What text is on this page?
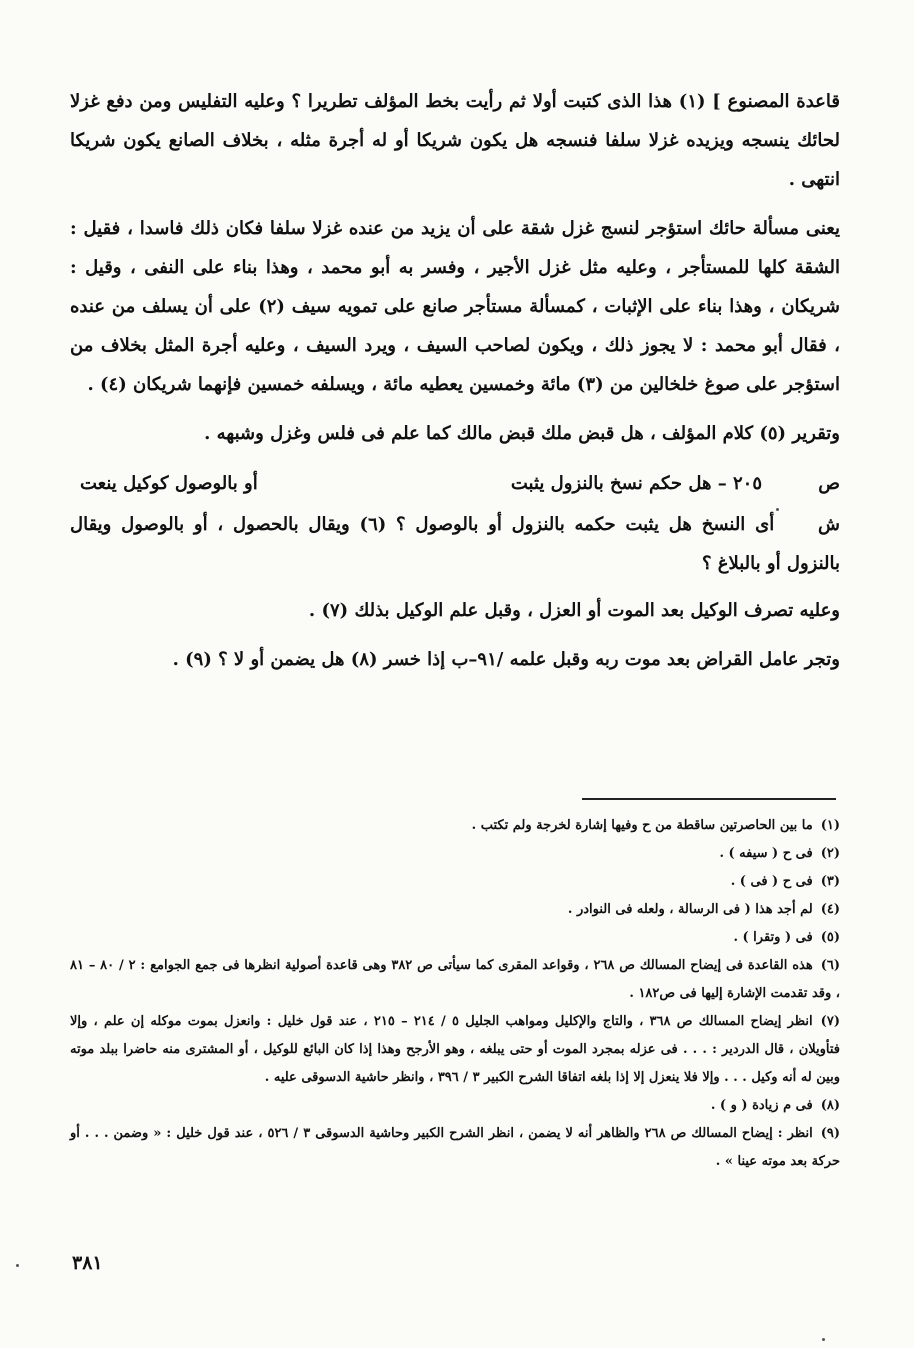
قاعدة المصنوع ] (١) هذا الذى كتبت أولا ثم رأيت بخط المؤلف تطريرا ؟ وعليه التفليس ومن دفع غزلا لحائك ينسجه ويزيده غزلا سلفا فنسجه هل يكون شريكا أو له أجرة مثله ، بخلاف الصانع يكون شريكا انتهى .

يعنى مسألة حائك استؤجر لنسج غزل شقة على أن يزيد من عنده غزلا سلفا فكان ذلك فاسدا ، فقيل : الشقة كلها للمستأجر ، وعليه مثل غزل الأجير ، وفسر به أبو محمد ، وهذا بناء على النفى ، وقيل : شريكان ، وهذا بناء على الإثبات ، كمسألة مستأجر صانع على تمويه سيف (٢) على أن يسلف من عنده ، فقال أبو محمد : لا يجوز ذلك ، ويكون لصاحب السيف ، ويرد السيف ، وعليه أجرة المثل بخلاف من استؤجر على صوغ خلخالين من (٣) مائة وخمسين يعطيه مائة ، ويسلفه خمسين فإنهما شريكان (٤) .

وتقرير (٥) كلام المؤلف ، هل قبض ملك قبض مالك كما علم فى فلس وغزل وشبهه .

ص
٢٠٥ – هل حكم نسخ بالنزول يثبت
أو بالوصول كوكيل ينعت

ش أى النسخ هل يثبت حكمه بالنزول أو بالوصول ؟ (٦) ويقال بالحصول ، أو بالوصول ويقال بالنزول أو بالبلاغ ؟

وعليه تصرف الوكيل بعد الموت أو العزل ، وقبل علم الوكيل بذلك (٧) .

وتجر عامل القراض بعد موت ربه وقبل علمه /٩١–ب إذا خسر (٨) هل يضمن أو لا ؟ (٩) .

(١)ما بين الحاصرتين ساقطة من ح وفيها إشارة لخرجة ولم تكتب .

(٢)فى ح ( سيفه ) .

(٣)فى ح ( فى ) .

(٤)لم أجد هذا ( فى الرسالة ، ولعله فى النوادر .

(٥)فى ( وتقرا ) .

(٦)هذه القاعدة فى إيضاح المسالك ص ٢٦٨ ، وقواعد المقرى كما سيأتى ص ٣٨٢ وهى قاعدة أصولية انظرها فى جمع الجوامع : ٢ / ٨٠ – ٨١ ، وقد تقدمت الإشارة إليها فى ص١٨٢ .

(٧)انظر إيضاح المسالك ص ٣٦٨ ، والتاج والإكليل ومواهب الجليل ٥ / ٢١٤ – ٢١٥ ، عند قول خليل : وانعزل بموت موكله إن علم ، وإلا فتأويلان ، قال الدردير : . . . فى عزله بمجرد الموت أو حتى يبلغه ، وهو الأرجح وهذا إذا كان البائع للوكيل ، أو المشترى منه حاضرا ببلد موته وبين له أنه وكيل . . . وإلا فلا ينعزل إلا إذا بلغه اتفاقا الشرح الكبير ٣ / ٣٩٦ ، وانظر حاشية الدسوقى عليه .

(٨)فى م زيادة ( و ) .

(٩)انظر : إيضاح المسالك ص ٢٦٨ والظاهر أنه لا يضمن ، انظر الشرح الكبير وحاشية الدسوقى ٣ / ٥٢٦ ، عند قول خليل : « وضمن . . . أو حركة بعد موته عينا » .

٣٨١
